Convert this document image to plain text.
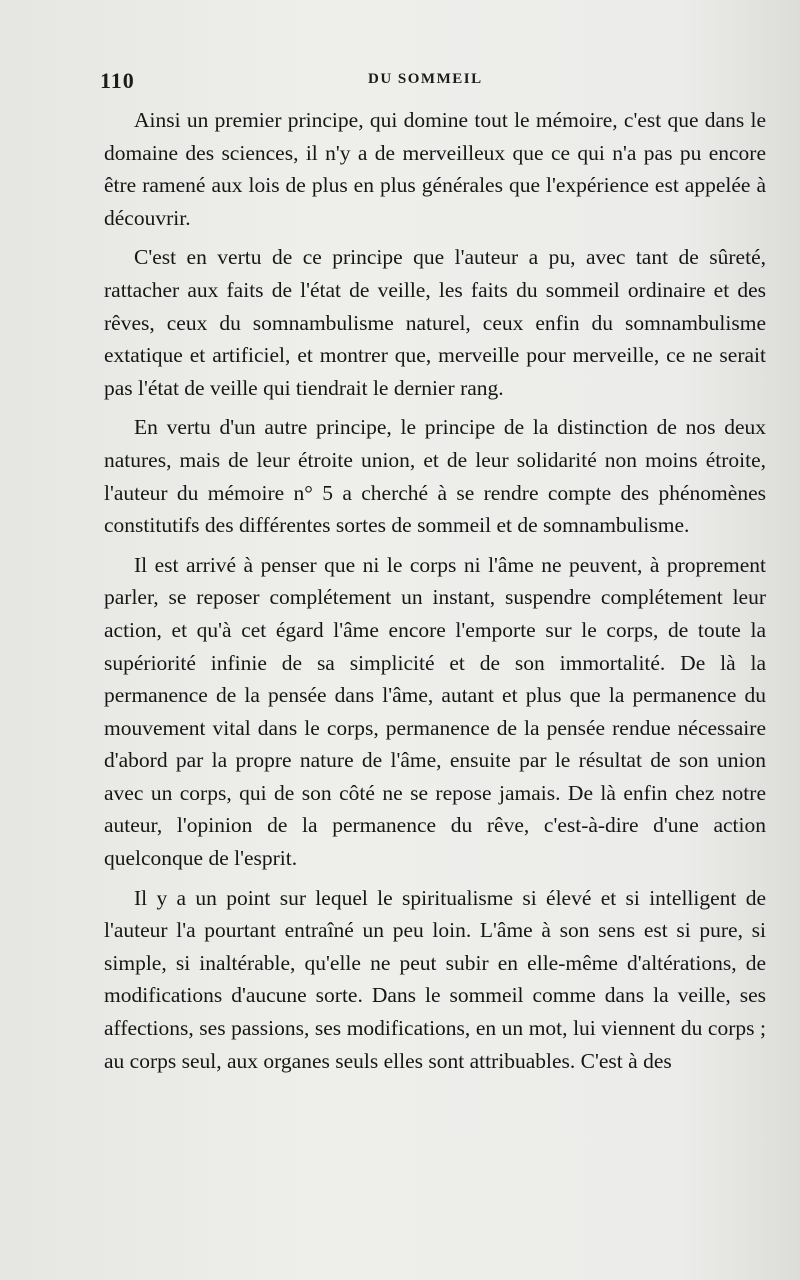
110	DU SOMMEIL

Ainsi un premier principe, qui domine tout le mémoire, c'est que dans le domaine des sciences, il n'y a de merveilleux que ce qui n'a pas pu encore être ramené aux lois de plus en plus générales que l'expérience est appelée à découvrir.

C'est en vertu de ce principe que l'auteur a pu, avec tant de sûreté, rattacher aux faits de l'état de veille, les faits du sommeil ordinaire et des rêves, ceux du somnambulisme naturel, ceux enfin du somnambulisme extatique et artificiel, et montrer que, merveille pour merveille, ce ne serait pas l'état de veille qui tiendrait le dernier rang.

En vertu d'un autre principe, le principe de la distinction de nos deux natures, mais de leur étroite union, et de leur solidarité non moins étroite, l'auteur du mémoire n° 5 a cherché à se rendre compte des phénomènes constitutifs des différentes sortes de sommeil et de somnambulisme.

Il est arrivé à penser que ni le corps ni l'âme ne peuvent, à proprement parler, se reposer complétement un instant, suspendre complétement leur action, et qu'à cet égard l'âme encore l'emporte sur le corps, de toute la supériorité infinie de sa simplicité et de son immortalité. De là la permanence de la pensée dans l'âme, autant et plus que la permanence du mouvement vital dans le corps, permanence de la pensée rendue nécessaire d'abord par la propre nature de l'âme, ensuite par le résultat de son union avec un corps, qui de son côté ne se repose jamais. De là enfin chez notre auteur, l'opinion de la permanence du rêve, c'est-à-dire d'une action quelconque de l'esprit.

Il y a un point sur lequel le spiritualisme si élevé et si intelligent de l'auteur l'a pourtant entraîné un peu loin. L'âme à son sens est si pure, si simple, si inaltérable, qu'elle ne peut subir en elle-même d'altérations, de modifications d'aucune sorte. Dans le sommeil comme dans la veille, ses affections, ses passions, ses modifications, en un mot, lui viennent du corps ; au corps seul, aux organes seuls elles sont attribuables. C'est à des
